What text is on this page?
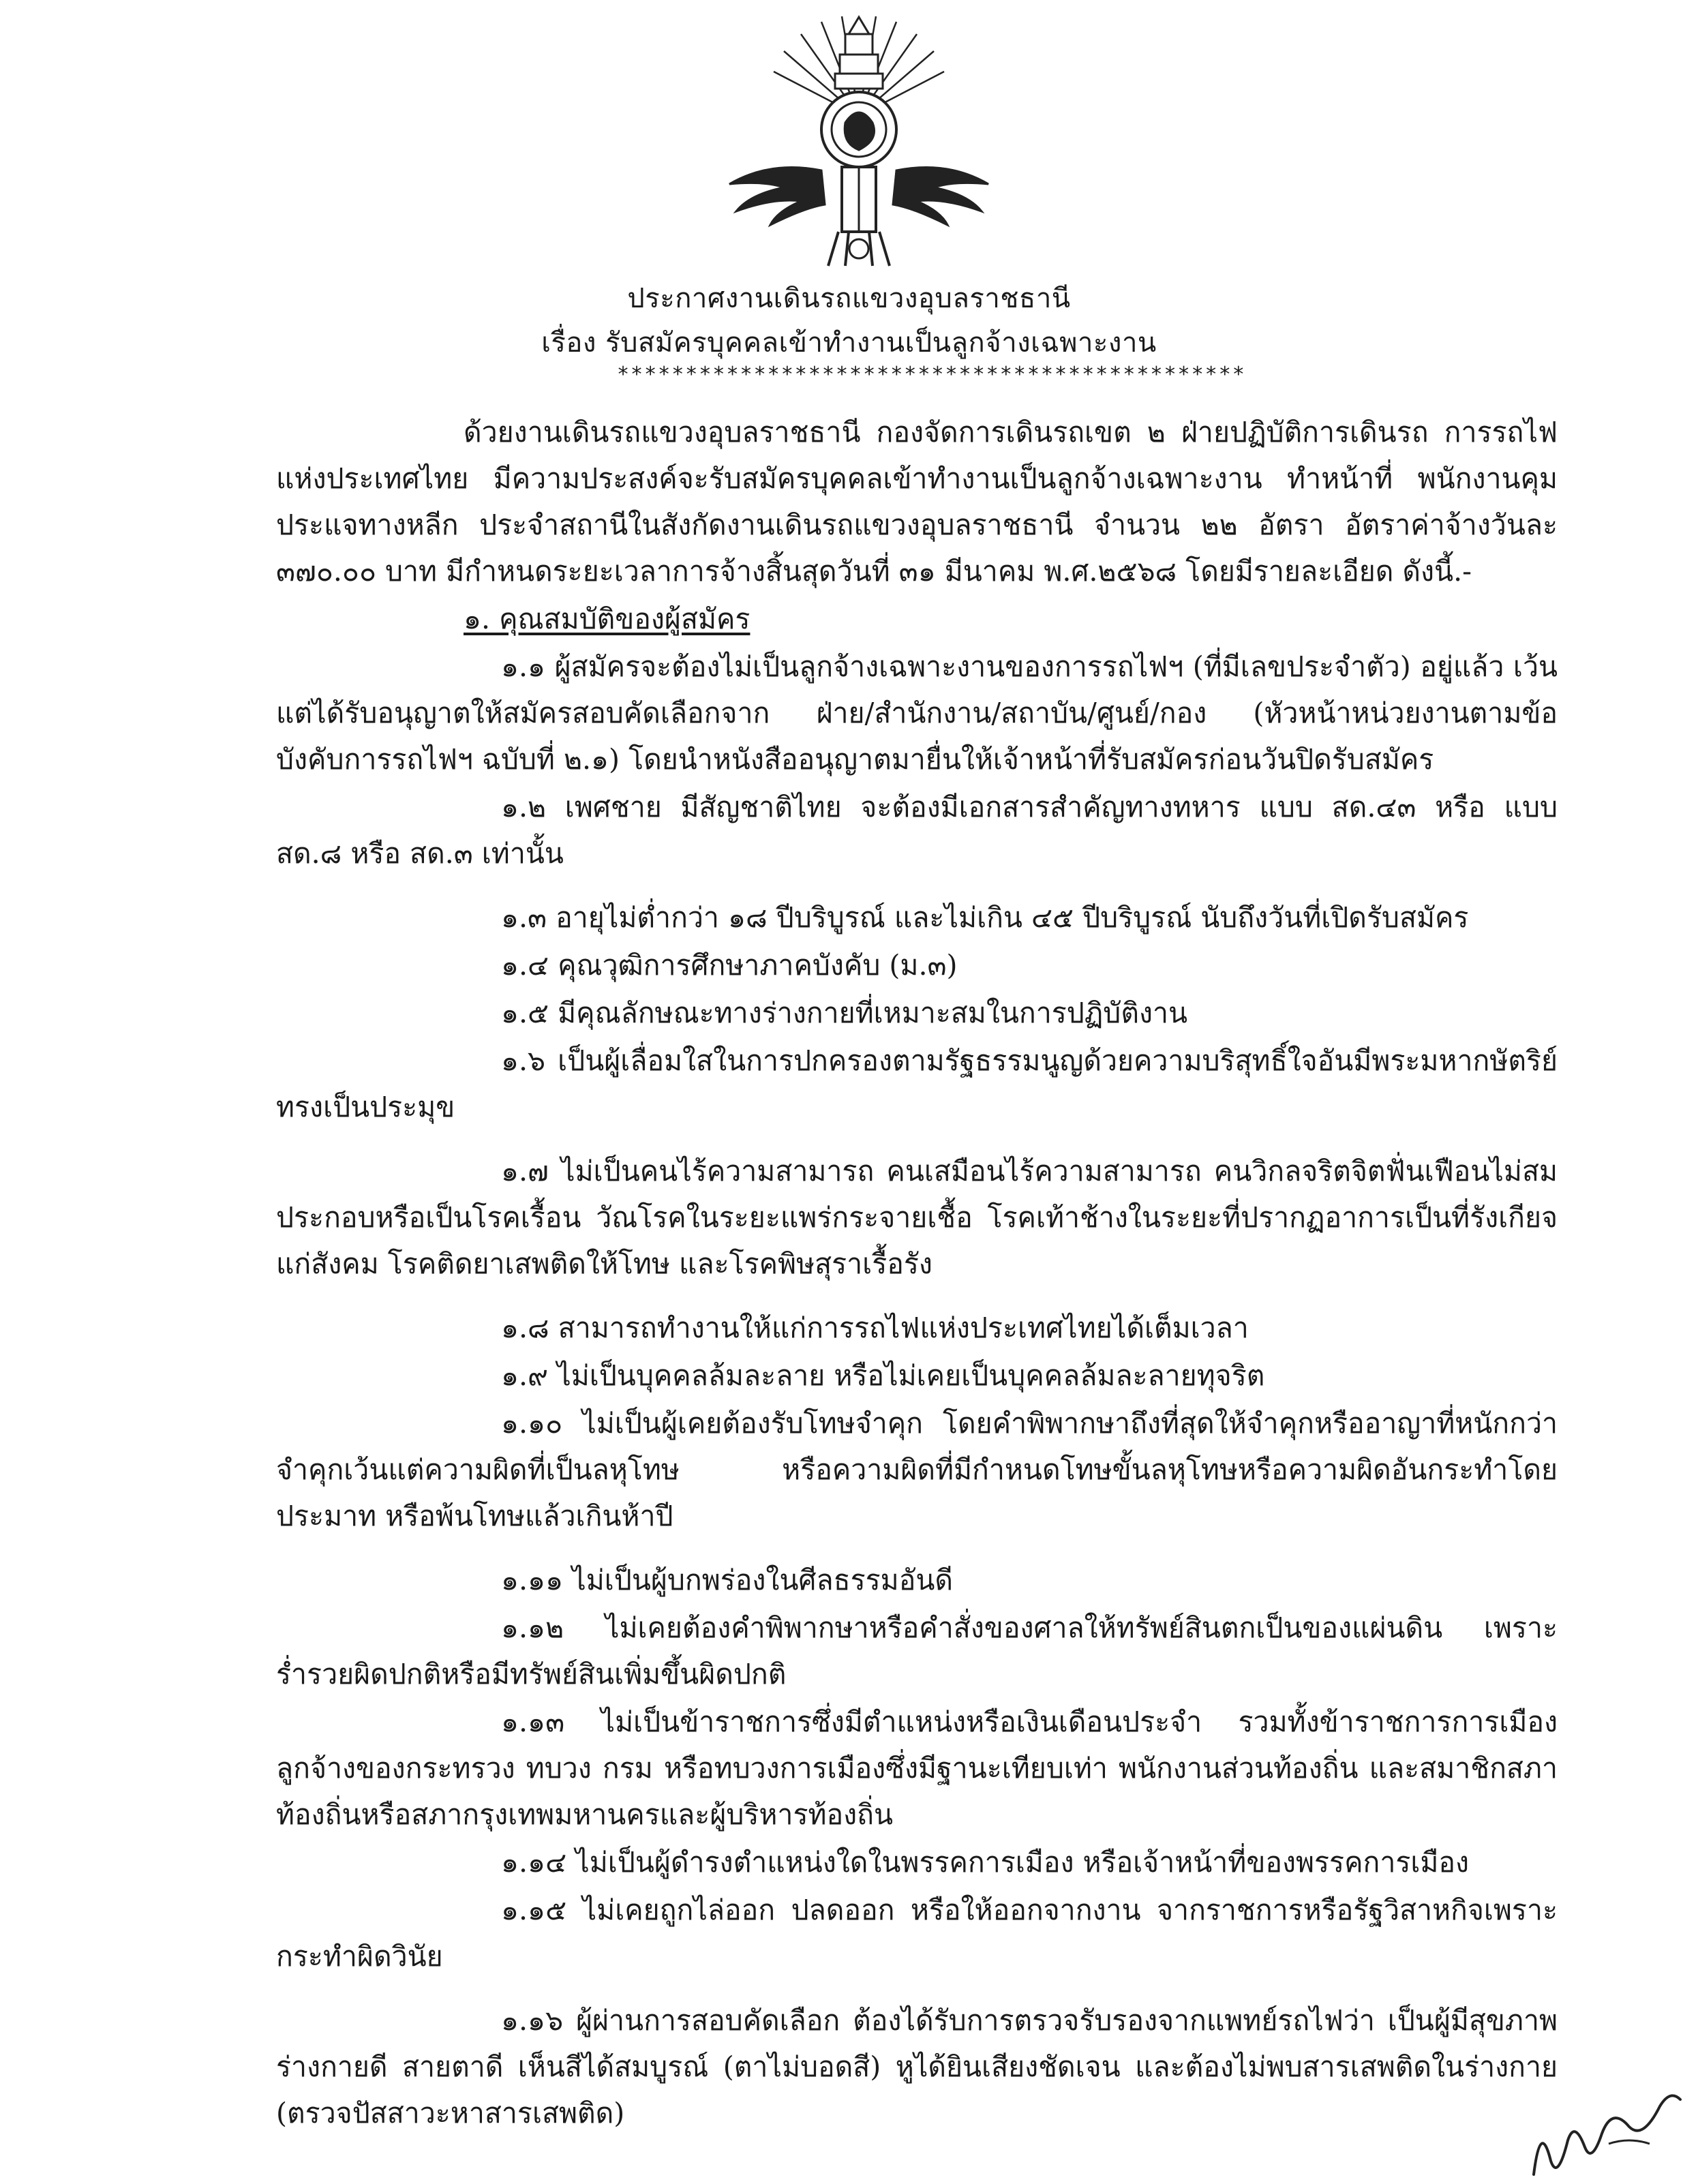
ประกาศงานเดินรถแขวงอุบลราชธานี
เรื่อง รับสมัครบุคคลเข้าทำงานเป็นลูกจ้างเฉพาะงาน
**********************************************

ด้วยงานเดินรถแขวงอุบลราชธานี กองจัดการเดินรถเขต ๒ ฝ่ายปฏิบัติการเดินรถ การรถไฟแห่งประเทศไทย มีความประสงค์จะรับสมัครบุคคลเข้าทำงานเป็นลูกจ้างเฉพาะงาน ทำหน้าที่ พนักงานคุมประแจทางหลีก ประจำสถานีในสังกัดงานเดินรถแขวงอุบลราชธานี จำนวน ๒๒ อัตรา อัตราค่าจ้างวันละ ๓๗๐.๐๐ บาท มีกำหนดระยะเวลาการจ้างสิ้นสุดวันที่ ๓๑ มีนาคม พ.ศ.๒๕๖๘ โดยมีรายละเอียด ดังนี้.-

๑. คุณสมบัติของผู้สมัคร

๑.๑ ผู้สมัครจะต้องไม่เป็นลูกจ้างเฉพาะงานของการรถไฟฯ (ที่มีเลขประจำตัว) อยู่แล้ว เว้นแต่ได้รับอนุญาตให้สมัครสอบคัดเลือกจาก ฝ่าย/สำนักงาน/สถาบัน/ศูนย์/กอง (หัวหน้าหน่วยงานตามข้อบังคับการรถไฟฯ ฉบับที่ ๒.๑) โดยนำหนังสืออนุญาตมายื่นให้เจ้าหน้าที่รับสมัครก่อนวันปิดรับสมัคร

๑.๒ เพศชาย มีสัญชาติไทย จะต้องมีเอกสารสำคัญทางทหาร แบบ สด.๔๓ หรือ แบบ สด.๘ หรือ สด.๓ เท่านั้น

๑.๓ อายุไม่ต่ำกว่า ๑๘ ปีบริบูรณ์ และไม่เกิน ๔๕ ปีบริบูรณ์ นับถึงวันที่เปิดรับสมัคร

๑.๔ คุณวุฒิการศึกษาภาคบังคับ (ม.๓)

๑.๕ มีคุณลักษณะทางร่างกายที่เหมาะสมในการปฏิบัติงาน

๑.๖ เป็นผู้เลื่อมใสในการปกครองตามรัฐธรรมนูญด้วยความบริสุทธิ์ใจอันมีพระมหากษัตริย์ทรงเป็นประมุข

๑.๗ ไม่เป็นคนไร้ความสามารถ คนเสมือนไร้ความสามารถ คนวิกลจริตจิตฟั่นเฟือนไม่สมประกอบหรือเป็นโรคเรื้อน วัณโรคในระยะแพร่กระจายเชื้อ โรคเท้าช้างในระยะที่ปรากฏอาการเป็นที่รังเกียจแก่สังคม โรคติดยาเสพติดให้โทษ และโรคพิษสุราเรื้อรัง

๑.๘ สามารถทำงานให้แก่การรถไฟแห่งประเทศไทยได้เต็มเวลา

๑.๙ ไม่เป็นบุคคลล้มละลาย หรือไม่เคยเป็นบุคคลล้มละลายทุจริต

๑.๑๐ ไม่เป็นผู้เคยต้องรับโทษจำคุก โดยคำพิพากษาถึงที่สุดให้จำคุกหรืออาญาที่หนักกว่าจำคุกเว้นแต่ความผิดที่เป็นลหุโทษ หรือความผิดที่มีกำหนดโทษขั้นลหุโทษหรือความผิดอันกระทำโดยประมาท หรือพ้นโทษแล้วเกินห้าปี

๑.๑๑ ไม่เป็นผู้บกพร่องในศีลธรรมอันดี

๑.๑๒ ไม่เคยต้องคำพิพากษาหรือคำสั่งของศาลให้ทรัพย์สินตกเป็นของแผ่นดิน เพราะร่ำรวยผิดปกติหรือมีทรัพย์สินเพิ่มขึ้นผิดปกติ

๑.๑๓ ไม่เป็นข้าราชการซึ่งมีตำแหน่งหรือเงินเดือนประจำ รวมทั้งข้าราชการการเมือง ลูกจ้างของกระทรวง ทบวง กรม หรือทบวงการเมืองซึ่งมีฐานะเทียบเท่า พนักงานส่วนท้องถิ่น และสมาชิกสภาท้องถิ่นหรือสภากรุงเทพมหานครและผู้บริหารท้องถิ่น

๑.๑๔ ไม่เป็นผู้ดำรงตำแหน่งใดในพรรคการเมือง หรือเจ้าหน้าที่ของพรรคการเมือง

๑.๑๕ ไม่เคยถูกไล่ออก ปลดออก หรือให้ออกจากงาน จากราชการหรือรัฐวิสาหกิจเพราะกระทำผิดวินัย

๑.๑๖ ผู้ผ่านการสอบคัดเลือก ต้องได้รับการตรวจรับรองจากแพทย์รถไฟว่า เป็นผู้มีสุขภาพร่างกายดี สายตาดี เห็นสีได้สมบูรณ์ (ตาไม่บอดสี) หูได้ยินเสียงชัดเจน และต้องไม่พบสารเสพติดในร่างกาย (ตรวจปัสสาวะหาสารเสพติด)
